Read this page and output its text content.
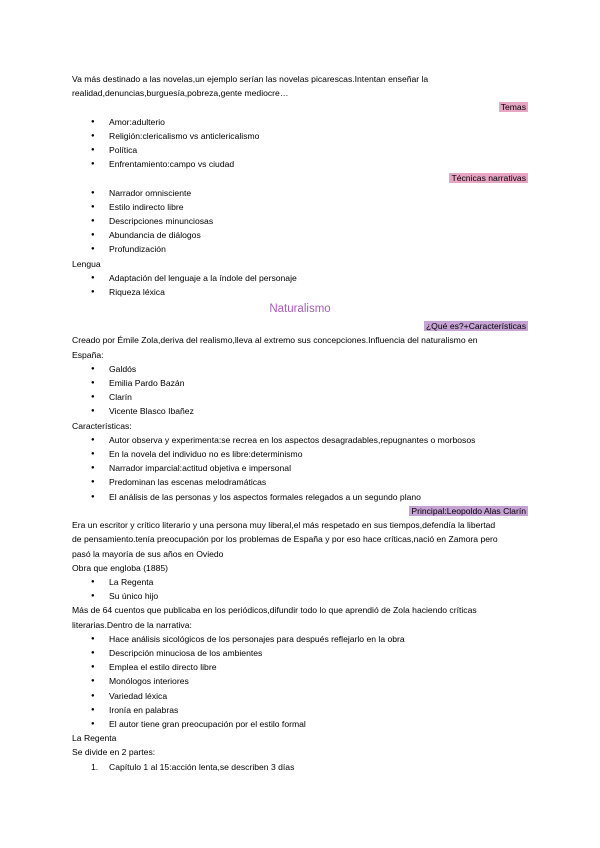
Va más destinado a las novelas,un ejemplo serían las novelas picarescas.Intentan enseñar la

realidad,denuncias,burguesía,pobreza,gente mediocre…

Temas

● Amor:adulterio
● Religión:clericalismo vs anticlericalismo
● Política
● Enfrentamiento:campo vs ciudad

Técnicas narrativas

● Narrador omnisciente
● Estilo indirecto libre
● Descripciones minunciosas
● Abundancia de diálogos
● Profundización

Lengua

● Adaptación del lenguaje a la índole del personaje
● Riqueza léxica

Naturalismo

¿Qué es?+Características

Creado por Émile Zola,deriva del realismo,lleva al extremo sus concepciones.Influencia del naturalismo en

España:

● Galdós
● Emilia Pardo Bazán
● Clarín
● Vicente Blasco Ibañez

Características:

● Autor observa y experimenta:se recrea en los aspectos desagradables,repugnantes o morbosos
● En la novela del individuo no es libre:determinismo
● Narrador imparcial:actitud objetiva e impersonal
● Predominan las escenas melodramáticas
● El análisis de las personas y los aspectos formales relegados a un segundo plano

Principal:Leopoldo Alas Clarín

Era un escritor y crítico literario y una persona muy liberal,el más respetado en sus tiempos,defendía la libertad

de pensamiento.tenía preocupación por los problemas de España y por eso hace críticas,nació en Zamora pero

pasó la mayoría de sus años en Oviedo

Obra que engloba (1885)

● La Regenta
● Su único hijo

Más de 64 cuentos que publicaba en los periódicos,difundir todo lo que aprendió de Zola haciendo críticas

literarias.Dentro de la narrativa:

● Hace análisis sicológicos de los personajes para después reflejarlo en la obra
● Descripción minuciosa de los ambientes
● Emplea el estilo directo libre
● Monólogos interiores
● Variedad léxica
● Ironía en palabras
● El autor tiene gran preocupación por el estilo formal

La Regenta

Se divide en 2 partes:

1. Capítulo 1 al 15:acción lenta,se describen 3 días
